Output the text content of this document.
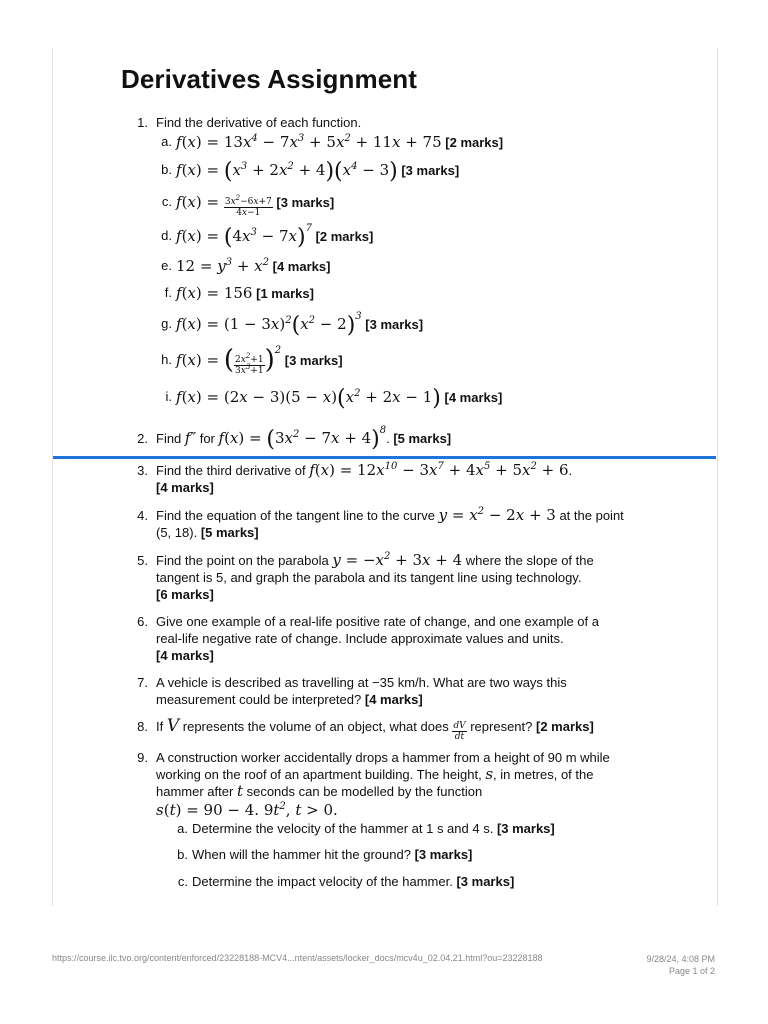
Derivatives Assignment
1. Find the derivative of each function.
a. $f(x) = 13x^4 - 7x^3 + 5x^2 + 11x + 75$ [2 marks]
b. $f(x) = (x^3 + 2x^2 + 4)(x^4 - 3)$ [3 marks]
c. $f(x) = \frac{3x^2-6x+7}{4x-1} [3$ marks]
d. $f(x) = (4x^3 - 7x)^7$ [2 marks]
e. $12 = y^3 + x^2$ [4 marks]
f. f(x) = 156 [1 marks]
g. $f(x) = (1 - 3x)^2(x^2 - 2)^3$ [3 marks]
h. f(x) = ( $\frac{2x^2+1}{3x^3+1} )^2$ [3 marks]
i. $f(x) = (2x - 3)(5 - x)(x^2 + 2x - 1)$ [4 marks]
2. Find f″ for $f(x) = (3x^2 - 7x + 4)^8$. [5 marks]
3. Find the third derivative of $f(x) = 12x^{10} - 3x^7 + 4x^5 + 5x^2 + 6$.
[4 marks]
4. Find the equation of the tangent line to the curve $y = x^2 - 2x + 3$ at the point
(5, 18). [5 marks]
5. Find the point on the parabola $y = -x^2 + 3x + 4$ where the slope of the
tangent is 5, and graph the parabola and its tangent line using technology.
[6 marks]
6. Give one example of a real-life positive rate of change, and one example of a
real-life negative rate of change. Include approximate values and units.
[4 marks]
7. A vehicle is described as travelling at −35 km/h. What are two ways this
measurement could be interpreted? [4 marks]
8. If V represents the volume of an object, what does $\frac{dV}{dt}$ represent? [2 marks]
9. A construction worker accidentally drops a hammer from a height of 90 m while
working on the roof of an apartment building. The height, s, in metres, of the
hammer after t seconds can be modelled by the function
s(t) = 90 − 4. $9t^2$, t > 0.
a. Determine the velocity of the hammer at 1 s and 4 s. [3 marks]
b. When will the hammer hit the ground? [3 marks]
c. Determine the impact velocity of the hammer. [3 marks]
https://course.ilc.tvo.org/content/enforced/23228188-MCV4...ntent/assets/locker_docs/mcv4u_02.04.21.html?ou=23228188	9/28/24, 4:08 PM
Page 1 of 2
